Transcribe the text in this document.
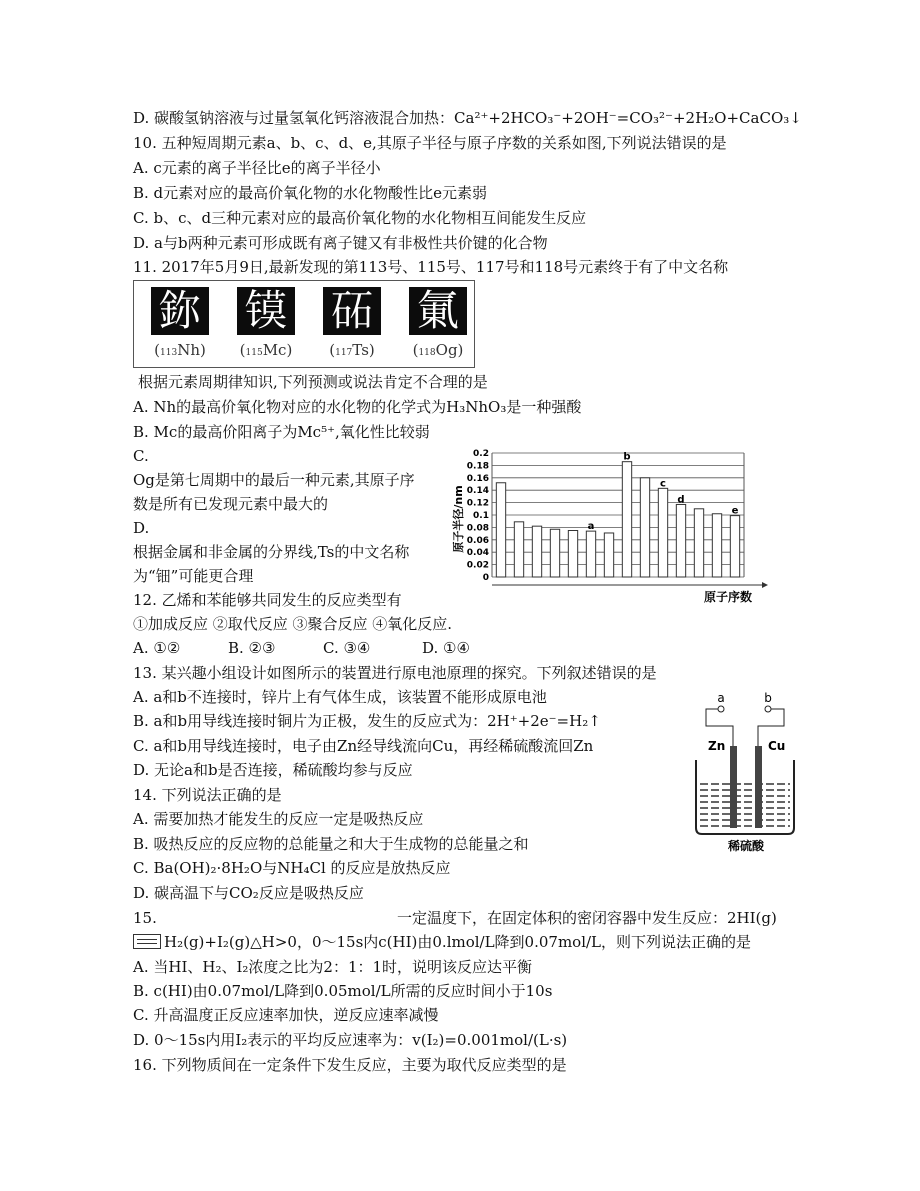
D. 碳酸氢钠溶液与过量氢氧化钙溶液混合加热：Ca²⁺+2HCO₃⁻+2OH⁻=CO₃²⁻+2H₂O+CaCO₃↓
10. 五种短周期元素a、b、c、d、e,其原子半径与原子序数的关系如图,下列说法错误的是
A. c元素的离子半径比e的离子半径小
B. d元素对应的最高价氧化物的水化物酸性比e元素弱
C. b、c、d三种元素对应的最高价氧化物的水化物相互间能发生反应
D. a与b两种元素可形成既有离子键又有非极性共价键的化合物
11. 2017年5月9日,最新发现的第113号、115号、117号和118号元素终于有了中文名称
鉨 镆 砳 氭
(113Nh)	(115Mc)	(117Ts)	(118Og)
根据元素周期律知识,下列预测或说法肯定不合理的是
A. Nh的最高价氧化物对应的水化物的化学式为H₃NhO₃是一种强酸
B. Mc的最高价阳离子为Mc⁵⁺,氧化性比较弱
C.
Og是第七周期中的最后一种元素,其原子序
数是所有已发现元素中最大的
D.
根据金属和非金属的分界线,Ts的中文名称
为“钿”可能更合理	0
0.02
0.04
0.06
0.08
0.1
0.12
0.14
0.16
0.18
0.2
a
b
c
d
e
原子半径/nm
原子序数
12. 乙烯和苯能够共同发生的反应类型有
①加成反应 ②取代反应 ③聚合反应 ④氧化反应.
A. ①②	B. ②③	C. ③④	D. ①④
13. 某兴趣小组设计如图所示的装置进行原电池原理的探究。下列叙述错误的是
A. a和b不连接时，锌片上有气体生成，该装置不能形成原电池
B. a和b用导线连接时铜片为正极，发生的反应式为：2H⁺+2e⁻=H₂↑
C. a和b用导线连接时，电子由Zn经导线流向Cu，再经稀硫酸流回Zn
D. 无论a和b是否连接，稀硫酸均参与反应
a	b
Zn	Cu
稀硫酸
14. 下列说法正确的是
A. 需要加热才能发生的反应一定是吸热反应
B. 吸热反应的反应物的总能量之和大于生成物的总能量之和
C. Ba(OH)₂·8H₂O与NH₄Cl 的反应是放热反应
D. 碳高温下与CO₂反应是吸热反应
15.	一定温度下，在固定体积的密闭容器中发生反应：2HI(g)
H₂(g)+I₂(g)△H>0，0～15s内c(HI)由0.lmol/L降到0.07mol/L，则下列说法正确的是
A. 当HI、H₂、I₂浓度之比为2：1：1时，说明该反应达平衡
B. c(HI)由0.07mol/L降到0.05mol/L所需的反应时间小于10s
C. 升高温度正反应速率加快，逆反应速率减慢
D. 0～15s内用I₂表示的平均反应速率为：v(I₂)=0.001mol/(L·s)
16. 下列物质间在一定条件下发生反应，主要为取代反应类型的是
